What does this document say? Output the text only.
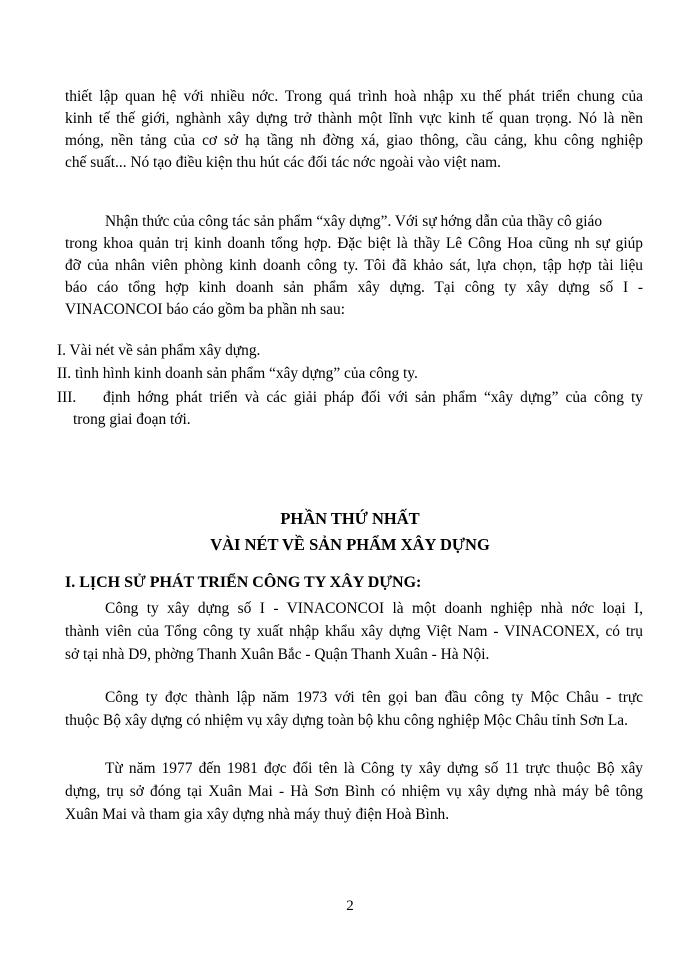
thiết lập quan hệ với nhiều nớc. Trong quá trình hoà nhập xu thế phát triển chung của
kinh tế thế giới, nghành xây dựng trở thành một lĩnh vực kinh tế quan trọng. Nó là nền
móng, nền tảng của cơ sở hạ tầng nh đờng xá, giao thông, cầu cảng, khu công nghiệp
chế suất... Nó tạo điều kiện thu hút các đối tác nớc ngoài vào việt nam.
Nhận thức của công tác sản phẩm “xây dựng”. Với sự hớng dẫn của thầy cô giáo
trong khoa quản trị kinh doanh tổng hợp. Đặc biệt là thầy Lê Công Hoa cũng nh sự giúp
đỡ của nhân viên phòng kinh doanh công ty. Tôi đã khảo sát, lựa chọn, tập hợp tài liệu
báo cáo tổng hợp kinh doanh sản phẩm xây dựng. Tại công ty xây dựng số I -
VINACONCOI báo cáo gồm ba phần nh sau:
I. Vài nét về sản phẩm xây dựng.
II. tình hình kinh doanh sản phẩm “xây dựng” của công ty.
III. định hớng phát triển và các giải pháp đối với sản phẩm “xây dựng” của công ty
trong giai đoạn tới.
PHẦN THỨ NHẤT
VÀI NÉT VỀ SẢN PHẨM XÂY DỰNG
I. LỊCH SỬ PHÁT TRIỂN CÔNG TY XÂY DỰNG:
Công ty xây dựng số I - VINACONCOI là một doanh nghiệp nhà nớc loại I,
thành viên của Tổng công ty xuất nhập khẩu xây dựng Việt Nam - VINACONEX, có trụ
sở tại nhà D9, phờng Thanh Xuân Bắc - Quận Thanh Xuân - Hà Nội.
Công ty đợc thành lập năm 1973 với tên gọi ban đầu công ty Mộc Châu - trực
thuộc Bộ xây dựng có nhiệm vụ xây dựng toàn bộ khu công nghiệp Mộc Châu tỉnh Sơn La.
Từ năm 1977 đến 1981 đợc đổi tên là Công ty xây dựng số 11 trực thuộc Bộ xây
dựng, trụ sở đóng tại Xuân Mai - Hà Sơn Bình có nhiệm vụ xây dựng nhà máy bê tông
Xuân Mai và tham gia xây dựng nhà máy thuỷ điện Hoà Bình.
2
